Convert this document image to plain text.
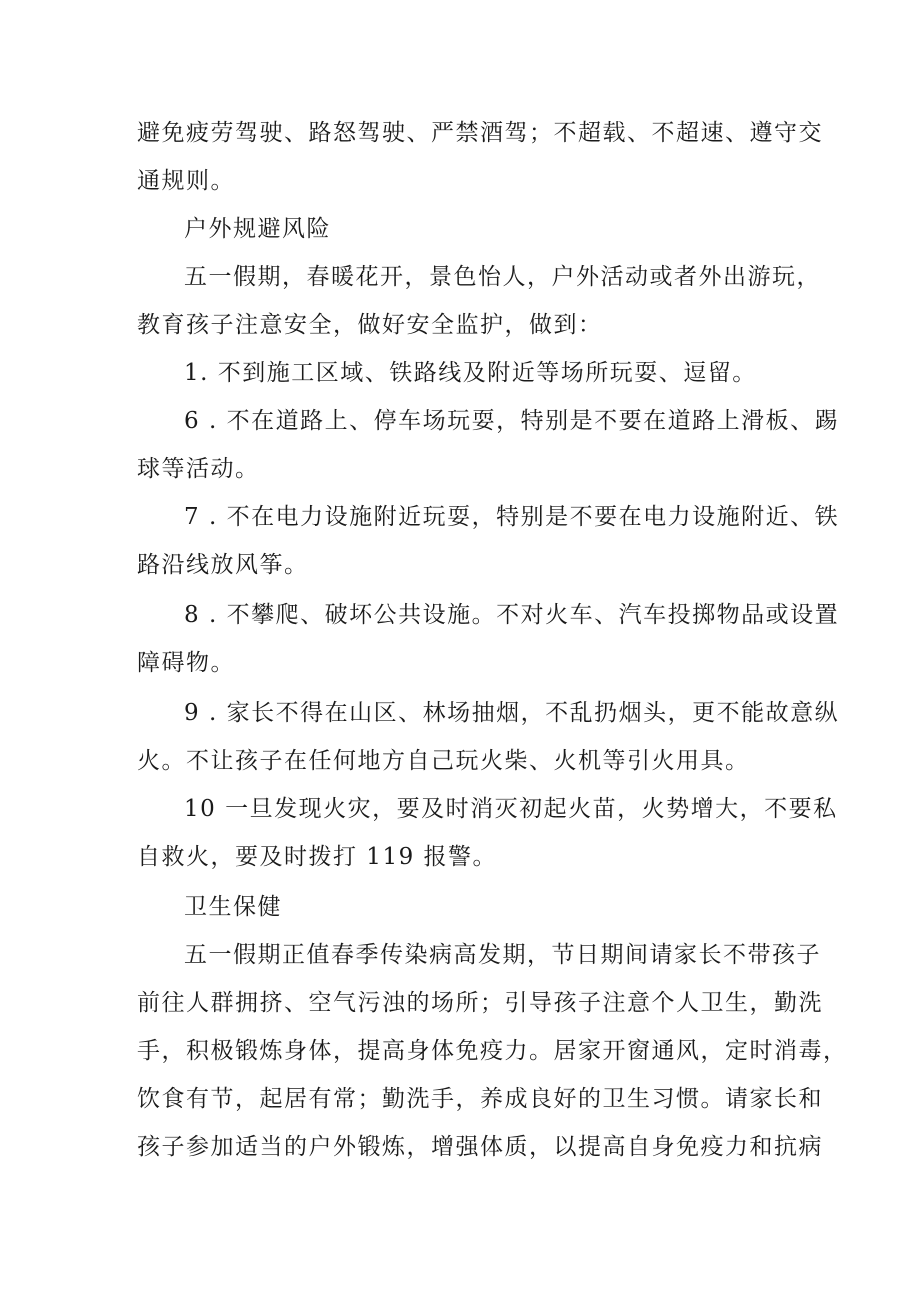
避免疲劳驾驶、路怒驾驶、严禁酒驾；不超载、不超速、遵守交
通规则。
户外规避风险
五一假期，春暖花开，景色怡人，户外活动或者外出游玩，
教育孩子注意安全，做好安全监护，做到：
1. 不到施工区域、铁路线及附近等场所玩耍、逗留。
6 . 不在道路上、停车场玩耍，特别是不要在道路上滑板、踢
球等活动。
7 . 不在电力设施附近玩耍，特别是不要在电力设施附近、铁
路沿线放风筝。
8 . 不攀爬、破坏公共设施。不对火车、汽车投掷物品或设置
障碍物。
9 . 家长不得在山区、林场抽烟，不乱扔烟头，更不能故意纵
火。不让孩子在任何地方自己玩火柴、火机等引火用具。
10 一旦发现火灾，要及时消灭初起火苗，火势增大，不要私
自救火，要及时拨打 119 报警。
卫生保健
五一假期正值春季传染病高发期，节日期间请家长不带孩子
前往人群拥挤、空气污浊的场所；引导孩子注意个人卫生，勤洗
手，积极锻炼身体，提高身体免疫力。居家开窗通风，定时消毒，
饮食有节，起居有常；勤洗手，养成良好的卫生习惯。请家长和
孩子参加适当的户外锻炼，增强体质，以提高自身免疫力和抗病
